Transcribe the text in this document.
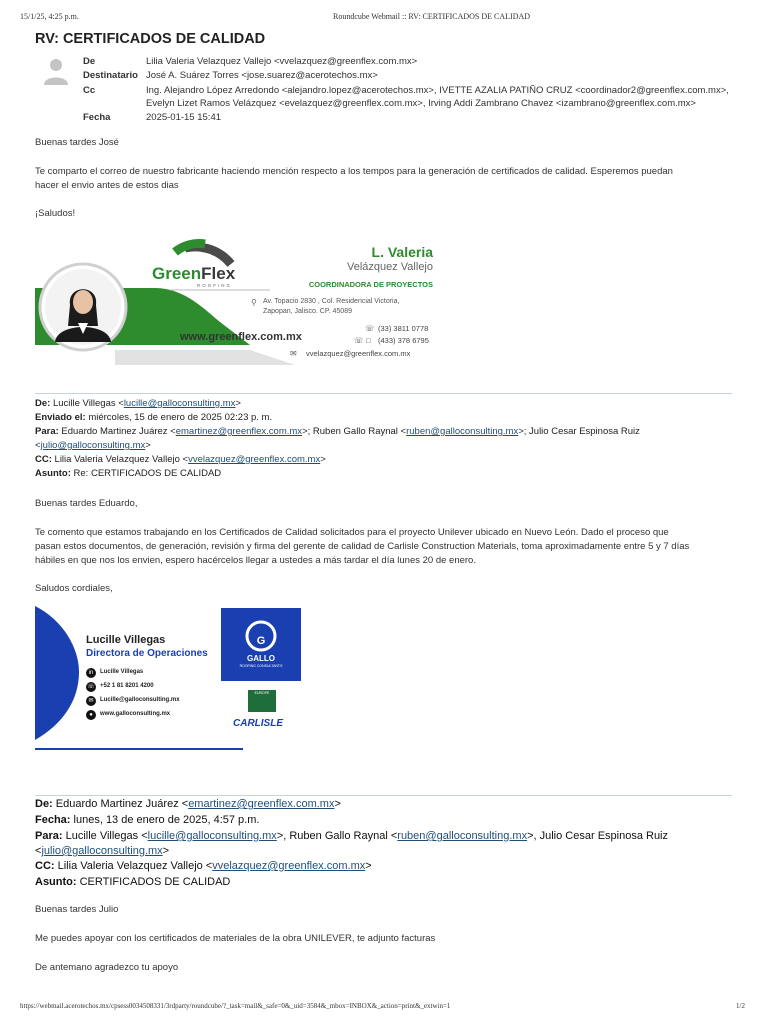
15/1/25, 4:25 p.m.	Roundcube Webmail :: RV: CERTIFICADOS DE CALIDAD
RV: CERTIFICADOS DE CALIDAD
De	Lilia Valeria Velazquez Vallejo <vvelazquez@greenflex.com.mx>
Destinatario José A. Suárez Torres <jose.suarez@acerotechos.mx>
Cc	Ing. Alejandro López Arredondo <alejandro.lopez@acerotechos.mx>, IVETTE AZALIA PATIÑO CRUZ <coordinador2@greenflex.com.mx>,
Evelyn Lizet Ramos Velázquez <evelazquez@greenflex.com.mx>, Irving Addi Zambrano Chavez <izambrano@greenflex.com.mx>
Fecha	2025-01-15 15:41
Buenas tardes José
Te comparto el correo de nuestro fabricante haciendo mención respecto a los tempos para la generación de certificados de calidad. Esperemos puedan
hacer el envio antes de estos dias
¡Saludos!
GreenFlex
ROOFING
L. Valeria
Velázquez Vallejo
COORDINADORA DE PROYECTOS
⚲ Av. Topacio 2830 , Col. Residencial Victoria,
Zapopan, Jalisco. CP. 45089
www.greenflex.com.mx
☏ (33) 3811 0778
☏ □ (433) 378 6795
✉ vvelazquez@greenflex.com.mx
De: Lucille Villegas <lucille@galloconsulting.mx>
Enviado el: miércoles, 15 de enero de 2025 02:23 p. m.
Para: Eduardo Martinez Juárez <emartinez@greenflex.com.mx>; Ruben Gallo Raynal <ruben@galloconsulting.mx>; Julio Cesar Espinosa Ruiz
<julio@galloconsulting.mx>
CC: Lilia Valeria Velazquez Vallejo <vvelazquez@greenflex.com.mx>
Asunto: Re: CERTIFICADOS DE CALIDAD
Buenas tardes Eduardo,
Te comento que estamos trabajando en los Certificados de Calidad solicitados para el proyecto Unilever ubicado en Nuevo León. Dado el proceso que
pasan estos documentos, de generación, revisión y firma del gerente de calidad de Carlisle Construction Materials, toma aproximadamente entre 5 y 7 días
hábiles en que nos los envien, espero hacércelos llegar a ustedes a más tardar el día lunes 20 de enero.
Saludos cordiales,
Lucille Villegas
Directora de Operaciones
in	Lucille Villegas
☏ +52 1 81 8201 4200
✉	Lucille@galloconsulting.mx
●	www.galloconsulting.mx
G
GALLO
ROOFING CONSULTANTS
EUROPE
CARLISLE
De: Eduardo Martinez Juárez <emartinez@greenflex.com.mx>
Fecha: lunes, 13 de enero de 2025, 4:57 p.m.
Para: Lucille Villegas <lucille@galloconsulting.mx>, Ruben Gallo Raynal <ruben@galloconsulting.mx>, Julio Cesar Espinosa Ruiz
<julio@galloconsulting.mx>
CC: Lilia Valeria Velazquez Vallejo <vvelazquez@greenflex.com.mx>
Asunto: CERTIFICADOS DE CALIDAD
Buenas tardes Julio
Me puedes apoyar con los certificados de materiales de la obra UNILEVER, te adjunto facturas
De antemano agradezco tu apoyo
https://webmail.acerotechos.mx/cpsess0034508331/3rdparty/roundcube/?_task=mail&_safe=0&_uid=3584&_mbox=INBOX&_action=print&_extwin=1	1/2
